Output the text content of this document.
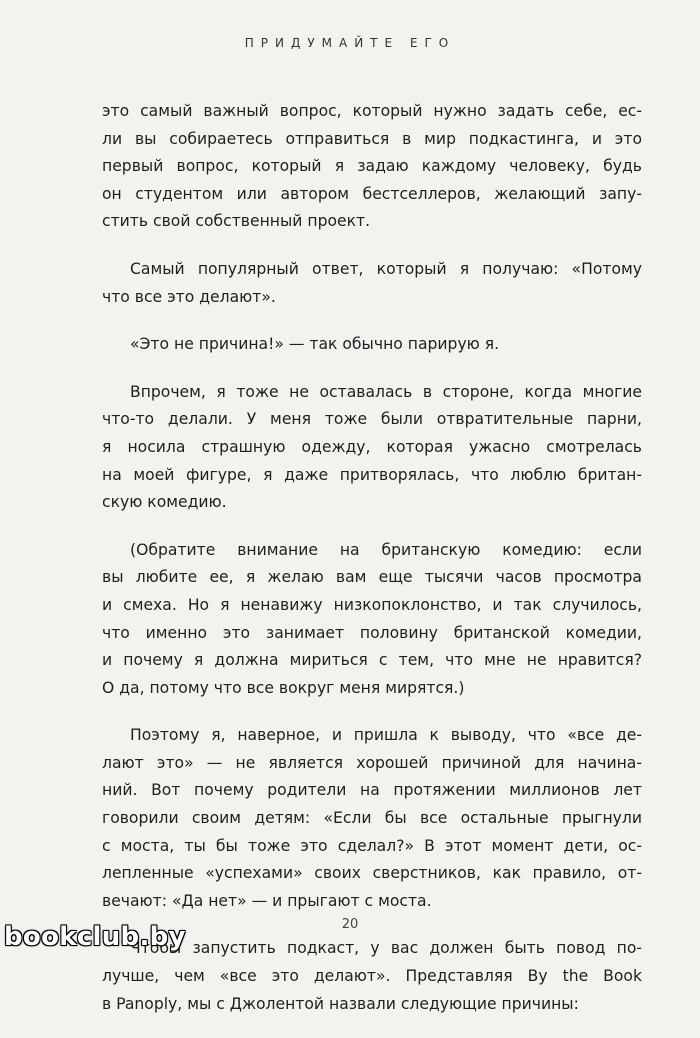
ПРИДУМАЙТЕ ЕГО
это самый важный вопрос, который нужно задать себе, ес-
ли вы собираетесь отправиться в мир подкастинга, и это
первый вопрос, который я задаю каждому человеку, будь
он студентом или автором бестселлеров, желающий запу-
стить свой собственный проект.
Самый популярный ответ, который я получаю: «Потому
что все это делают».
«Это не причина!» — так обычно парирую я.
Впрочем, я тоже не оставалась в стороне, когда многие
что-то делали. У меня тоже были отвратительные парни,
я носила страшную одежду, которая ужасно смотрелась
на моей фигуре, я даже притворялась, что люблю британ-
скую комедию.
(Обратите внимание на британскую комедию: если
вы любите ее, я желаю вам еще тысячи часов просмотра
и смеха. Но я ненавижу низкопоклонство, и так случилось,
что именно это занимает половину британской комедии,
и почему я должна мириться с тем, что мне не нравится?
О да, потому что все вокруг меня мирятся.)
Поэтому я, наверное, и пришла к выводу, что «все де-
лают это» — не является хорошей причиной для начина-
ний. Вот почему родители на протяжении миллионов лет
говорили своим детям: «Если бы все остальные прыгнули
с моста, ты бы тоже это сделал?» В этот момент дети, ос-
лепленные «успехами» своих сверстников, как правило, от-
вечают: «Да нет» — и прыгают с моста.
Чтобы запустить подкаст, у вас должен быть повод по-
лучше, чем «все это делают». Представляя By the Book
в Panoply, мы с Джолентой назвали следующие причины:
20
bookclub.by
